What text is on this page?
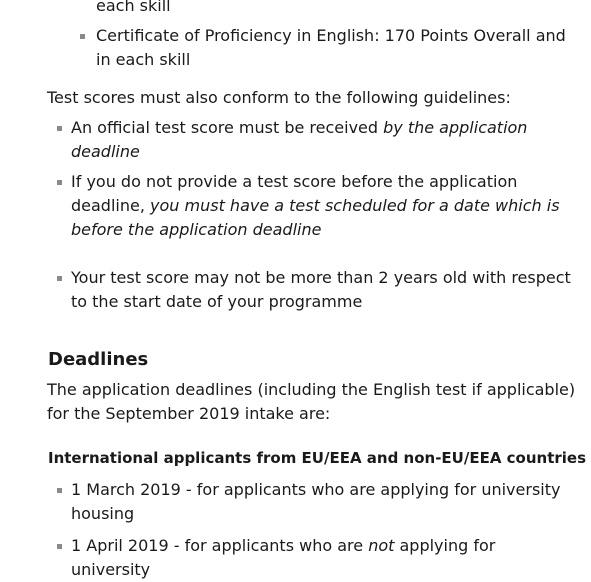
each skill
Certificate of Proficiency in English: 170 Points Overall and in each skill

Test scores must also conform to the following guidelines:

An official test score must be received by the application deadline
If you do not provide a test score before the application deadline, you must have a test scheduled for a date which is before the application deadline
Your test score may not be more than 2 years old with respect to the start date of your programme
Deadlines

The application deadlines (including the English test if applicable) for the September 2019 intake are:

International applicants from EU/EEA and non-EU/EEA countries
1 March 2019 - for applicants who are applying for university housing
1 April 2019 - for applicants who are not applying for university
